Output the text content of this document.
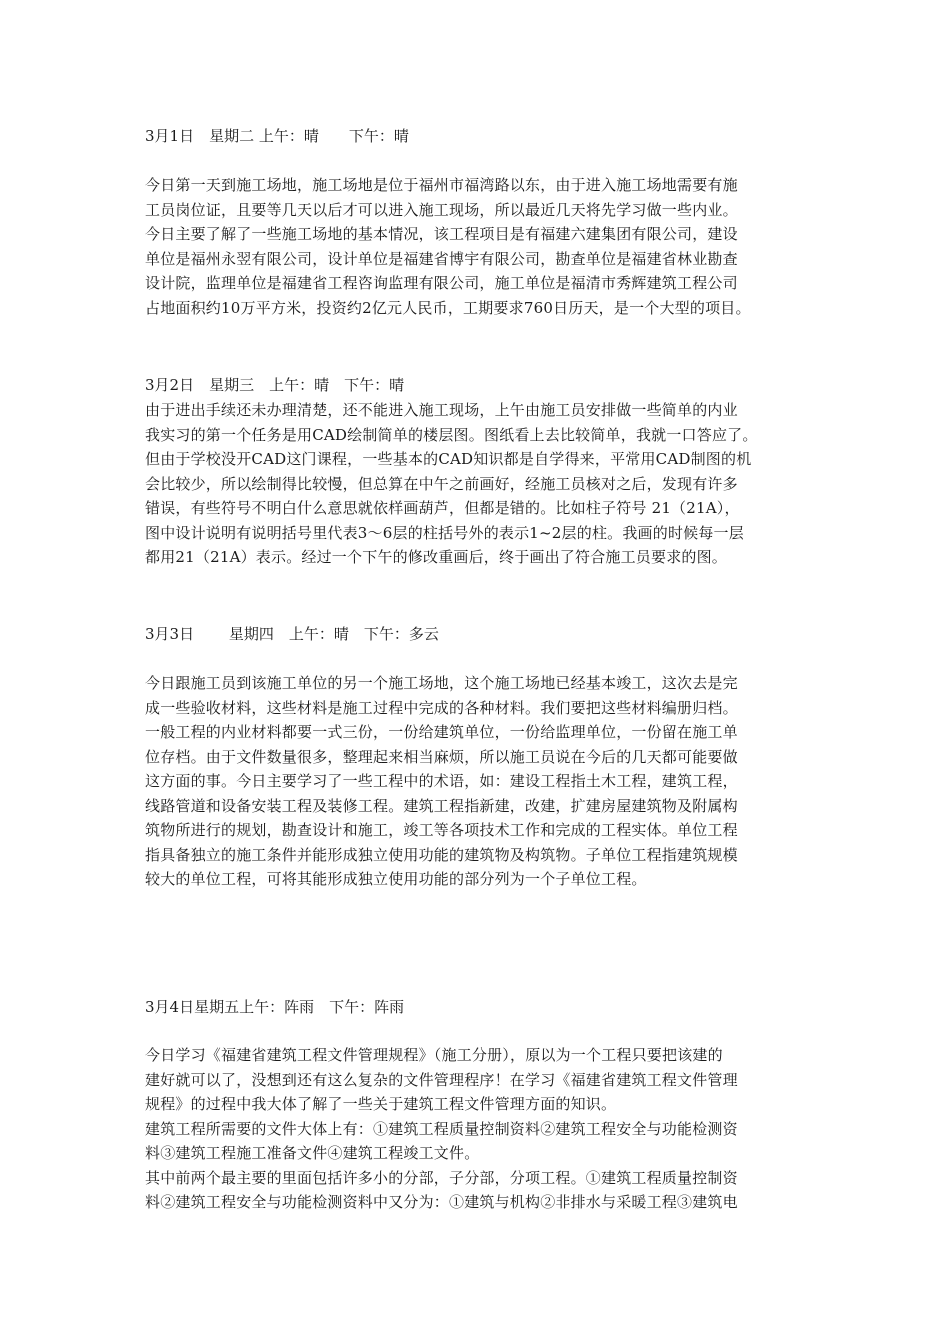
3月1日　星期二 上午：晴　　下午：晴
今日第一天到施工场地，施工场地是位于福州市福湾路以东，由于进入施工场地需要有施
工员岗位证，且要等几天以后才可以进入施工现场，所以最近几天将先学习做一些内业。
今日主要了解了一些施工场地的基本情况，该工程项目是有福建六建集团有限公司，建设
单位是福州永翌有限公司，设计单位是福建省博宇有限公司，勘查单位是福建省林业勘查
设计院，监理单位是福建省工程咨询监理有限公司，施工单位是福清市秀辉建筑工程公司
占地面积约10万平方米，投资约2亿元人民币，工期要求760日历天，是一个大型的项目。
3月2日　星期三　上午：晴　下午：晴
由于进出手续还未办理清楚，还不能进入施工现场，上午由施工员安排做一些简单的内业
我实习的第一个任务是用CAD绘制简单的楼层图。图纸看上去比较简单，我就一口答应了。
但由于学校没开CAD这门课程，一些基本的CAD知识都是自学得来，平常用CAD制图的机
会比较少，所以绘制得比较慢，但总算在中午之前画好，经施工员核对之后，发现有许多
错误，有些符号不明白什么意思就依样画葫芦，但都是错的。比如柱子符号 21（21A），
图中设计说明有说明括号里代表3～6层的柱括号外的表示1~2层的柱。我画的时候每一层
都用21（21A）表示。经过一个下午的修改重画后，终于画出了符合施工员要求的图。
3月3日　　 星期四　上午：晴　下午：多云
今日跟施工员到该施工单位的另一个施工场地，这个施工场地已经基本竣工，这次去是完
成一些验收材料，这些材料是施工过程中完成的各种材料。我们要把这些材料编册归档。
一般工程的内业材料都要一式三份，一份给建筑单位，一份给监理单位，一份留在施工单
位存档。由于文件数量很多，整理起来相当麻烦，所以施工员说在今后的几天都可能要做
这方面的事。今日主要学习了一些工程中的术语，如：建设工程指土木工程，建筑工程，
线路管道和设备安装工程及装修工程。建筑工程指新建，改建，扩建房屋建筑物及附属构
筑物所进行的规划，勘查设计和施工，竣工等各项技术工作和完成的工程实体。单位工程
指具备独立的施工条件并能形成独立使用功能的建筑物及构筑物。子单位工程指建筑规模
较大的单位工程，可将其能形成独立使用功能的部分列为一个子单位工程。
3月4日星期五上午：阵雨　下午：阵雨
今日学习《福建省建筑工程文件管理规程》（施工分册），原以为一个工程只要把该建的
建好就可以了，没想到还有这么复杂的文件管理程序！在学习《福建省建筑工程文件管理
规程》的过程中我大体了解了一些关于建筑工程文件管理方面的知识。
建筑工程所需要的文件大体上有：①建筑工程质量控制资料②建筑工程安全与功能检测资
料③建筑工程施工准备文件④建筑工程竣工文件。
其中前两个最主要的里面包括许多小的分部，子分部，分项工程。①建筑工程质量控制资
料②建筑工程安全与功能检测资料中又分为：①建筑与机构②非排水与采暖工程③建筑电
